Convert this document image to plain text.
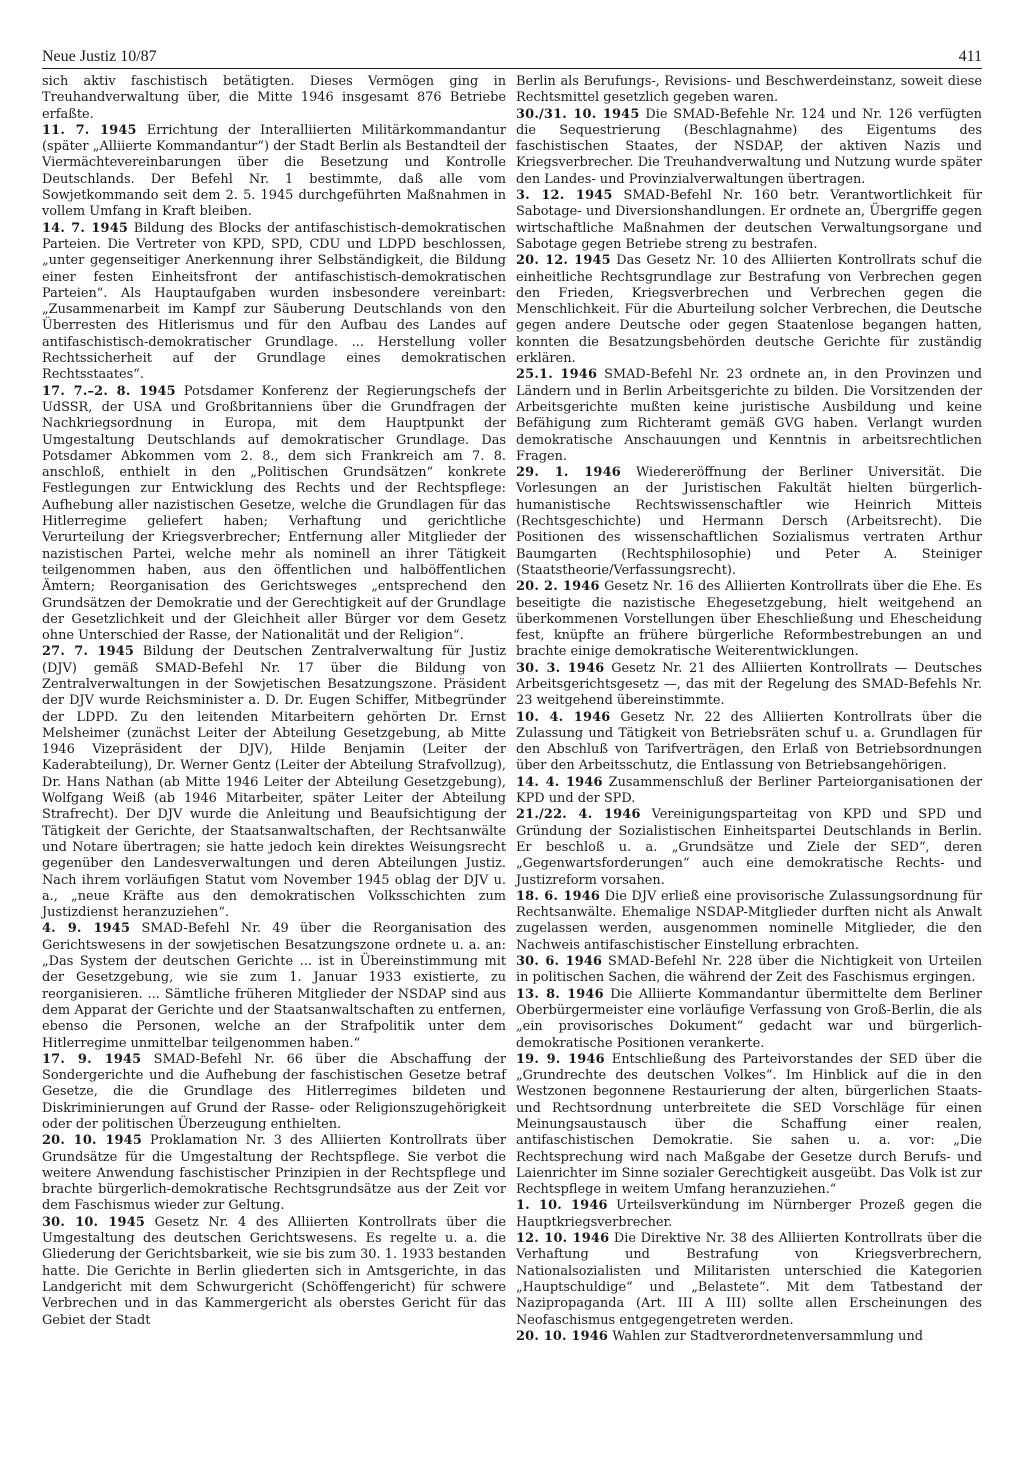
Neue Justiz 10/87	411

sich aktiv faschistisch betätigten. Dieses Vermögen ging in Treuhandverwaltung über, die Mitte 1946 insgesamt 876 Betriebe erfaßte.

11. 7. 1945 Errichtung der Interalliierten Militärkommandantur (später „Alliierte Kommandantur“) der Stadt Berlin als Bestandteil der Viermächtevereinbarungen über die Besetzung und Kontrolle Deutschlands. Der Befehl Nr. 1 bestimmte, daß alle vom Sowjetkommando seit dem 2. 5. 1945 durchgeführten Maßnahmen in vollem Umfang in Kraft bleiben.

14. 7. 1945 Bildung des Blocks der antifaschistisch-demokratischen Parteien. Die Vertreter von KPD, SPD, CDU und LDPD beschlossen, „unter gegenseitiger Anerkennung ihrer Selbständigkeit, die Bildung einer festen Einheitsfront der antifaschistisch-demokratischen Parteien“. Als Hauptaufgaben wurden insbesondere vereinbart: „Zusammenarbeit im Kampf zur Säuberung Deutschlands von den Überresten des Hitlerismus und für den Aufbau des Landes auf antifaschistisch-demokratischer Grundlage. ... Herstellung voller Rechtssicherheit auf der Grundlage eines demokratischen Rechtsstaates“.

17. 7.–2. 8. 1945 Potsdamer Konferenz der Regierungschefs der UdSSR, der USA und Großbritanniens über die Grundfragen der Nachkriegsordnung in Europa, mit dem Hauptpunkt der Umgestaltung Deutschlands auf demokratischer Grundlage. Das Potsdamer Abkommen vom 2. 8., dem sich Frankreich am 7. 8. anschloß, enthielt in den „Politischen Grundsätzen“ konkrete Festlegungen zur Entwicklung des Rechts und der Rechtspflege: Aufhebung aller nazistischen Gesetze, welche die Grundlagen für das Hitlerregime geliefert haben; Verhaftung und gerichtliche Verurteilung der Kriegsverbrecher; Entfernung aller Mitglieder der nazistischen Partei, welche mehr als nominell an ihrer Tätigkeit teilgenommen haben, aus den öffentlichen und halböffentlichen Ämtern; Reorganisation des Gerichtsweges „entsprechend den Grundsätzen der Demokratie und der Gerechtigkeit auf der Grundlage der Gesetzlichkeit und der Gleichheit aller Bürger vor dem Gesetz ohne Unterschied der Rasse, der Nationalität und der Religion“.

27. 7. 1945 Bildung der Deutschen Zentralverwaltung für Justiz (DJV) gemäß SMAD-Befehl Nr. 17 über die Bildung von Zentralverwaltungen in der Sowjetischen Besatzungszone. Präsident der DJV wurde Reichsminister a. D. Dr. Eugen Schiffer, Mitbegründer der LDPD. Zu den leitenden Mitarbeitern gehörten Dr. Ernst Melsheimer (zunächst Leiter der Abteilung Gesetzgebung, ab Mitte 1946 Vizepräsident der DJV), Hilde Benjamin (Leiter der Kaderabteilung), Dr. Werner Gentz (Leiter der Abteilung Strafvollzug), Dr. Hans Nathan (ab Mitte 1946 Leiter der Abteilung Gesetzgebung), Wolfgang Weiß (ab 1946 Mitarbeiter, später Leiter der Abteilung Strafrecht). Der DJV wurde die Anleitung und Beaufsichtigung der Tätigkeit der Gerichte, der Staatsanwaltschaften, der Rechtsanwälte und Notare übertragen; sie hatte jedoch kein direktes Weisungsrecht gegenüber den Landesverwaltungen und deren Abteilungen Justiz. Nach ihrem vorläufigen Statut vom November 1945 oblag der DJV u. a., „neue Kräfte aus den demokratischen Volksschichten zum Justizdienst heranzuziehen“.

4. 9. 1945 SMAD-Befehl Nr. 49 über die Reorganisation des Gerichtswesens in der sowjetischen Besatzungszone ordnete u. a. an: „Das System der deutschen Gerichte ... ist in Übereinstimmung mit der Gesetzgebung, wie sie zum 1. Januar 1933 existierte, zu reorganisieren. ... Sämtliche früheren Mitglieder der NSDAP sind aus dem Apparat der Gerichte und der Staatsanwaltschaften zu entfernen, ebenso die Personen, welche an der Strafpolitik unter dem Hitlerregime unmittelbar teilgenommen haben.“

17. 9. 1945 SMAD-Befehl Nr. 66 über die Abschaffung der Sondergerichte und die Aufhebung der faschistischen Gesetze betraf Gesetze, die die Grundlage des Hitlerregimes bildeten und Diskriminierungen auf Grund der Rasse- oder Religionszugehörigkeit oder der politischen Überzeugung enthielten.

20. 10. 1945 Proklamation Nr. 3 des Alliierten Kontrollrats über Grundsätze für die Umgestaltung der Rechtspflege. Sie verbot die weitere Anwendung faschistischer Prinzipien in der Rechtspflege und brachte bürgerlich-demokratische Rechtsgrundsätze aus der Zeit vor dem Faschismus wieder zur Geltung.

30. 10. 1945 Gesetz Nr. 4 des Alliierten Kontrollrats über die Umgestaltung des deutschen Gerichtswesens. Es regelte u. a. die Gliederung der Gerichtsbarkeit, wie sie bis zum 30. 1. 1933 bestanden hatte. Die Gerichte in Berlin gliederten sich in Amtsgerichte, in das Landgericht mit dem Schwurgericht (Schöffengericht) für schwere Verbrechen und in das Kammergericht als oberstes Gericht für das Gebiet der Stadt

Berlin als Berufungs-, Revisions- und Beschwerdeinstanz, soweit diese Rechtsmittel gesetzlich gegeben waren.

30./31. 10. 1945 Die SMAD-Befehle Nr. 124 und Nr. 126 verfügten die Sequestrierung (Beschlagnahme) des Eigentums des faschistischen Staates, der NSDAP, der aktiven Nazis und Kriegsverbrecher. Die Treuhandverwaltung und Nutzung wurde später den Landes- und Provinzialverwaltungen übertragen.

3. 12. 1945 SMAD-Befehl Nr. 160 betr. Verantwortlichkeit für Sabotage- und Diversionshandlungen. Er ordnete an, Übergriffe gegen wirtschaftliche Maßnahmen der deutschen Verwaltungsorgane und Sabotage gegen Betriebe streng zu bestrafen.

20. 12. 1945 Das Gesetz Nr. 10 des Alliierten Kontrollrats schuf die einheitliche Rechtsgrundlage zur Bestrafung von Verbrechen gegen den Frieden, Kriegsverbrechen und Verbrechen gegen die Menschlichkeit. Für die Aburteilung solcher Verbrechen, die Deutsche gegen andere Deutsche oder gegen Staatenlose begangen hatten, konnten die Besatzungsbehörden deutsche Gerichte für zuständig erklären.

25.1. 1946 SMAD-Befehl Nr. 23 ordnete an, in den Provinzen und Ländern und in Berlin Arbeitsgerichte zu bilden. Die Vorsitzenden der Arbeitsgerichte mußten keine juristische Ausbildung und keine Befähigung zum Richteramt gemäß GVG haben. Verlangt wurden demokratische Anschauungen und Kenntnis in arbeitsrechtlichen Fragen.

29. 1. 1946 Wiedereröffnung der Berliner Universität. Die Vorlesungen an der Juristischen Fakultät hielten bürgerlich-humanistische Rechtswissenschaftler wie Heinrich Mitteis (Rechtsgeschichte) und Hermann Dersch (Arbeitsrecht). Die Positionen des wissenschaftlichen Sozialismus vertraten Arthur Baumgarten (Rechtsphilosophie) und Peter A. Steiniger (Staatstheorie/Verfassungsrecht).

20. 2. 1946 Gesetz Nr. 16 des Alliierten Kontrollrats über die Ehe. Es beseitigte die nazistische Ehegesetzgebung, hielt weitgehend an überkommenen Vorstellungen über Eheschließung und Ehescheidung fest, knüpfte an frühere bürgerliche Reformbestrebungen an und brachte einige demokratische Weiterentwicklungen.

30. 3. 1946 Gesetz Nr. 21 des Alliierten Kontrollrats — Deutsches Arbeitsgerichtsgesetz —, das mit der Regelung des SMAD-Befehls Nr. 23 weitgehend übereinstimmte.

10. 4. 1946 Gesetz Nr. 22 des Alliierten Kontrollrats über die Zulassung und Tätigkeit von Betriebsräten schuf u. a. Grundlagen für den Abschluß von Tarifverträgen, den Erlaß von Betriebsordnungen über den Arbeitsschutz, die Entlassung von Betriebsangehörigen.

14. 4. 1946 Zusammenschluß der Berliner Parteiorganisationen der KPD und der SPD.

21./22. 4. 1946 Vereinigungsparteitag von KPD und SPD und Gründung der Sozialistischen Einheitspartei Deutschlands in Berlin. Er beschloß u. a. „Grundsätze und Ziele der SED“, deren „Gegenwartsforderungen“ auch eine demokratische Rechts- und Justizreform vorsahen.

18. 6. 1946 Die DJV erließ eine provisorische Zulassungsordnung für Rechtsanwälte. Ehemalige NSDAP-Mitglieder durften nicht als Anwalt zugelassen werden, ausgenommen nominelle Mitglieder, die den Nachweis antifaschistischer Einstellung erbrachten.

30. 6. 1946 SMAD-Befehl Nr. 228 über die Nichtigkeit von Urteilen in politischen Sachen, die während der Zeit des Faschismus ergingen.

13. 8. 1946 Die Alliierte Kommandantur übermittelte dem Berliner Oberbürgermeister eine vorläufige Verfassung von Groß-Berlin, die als „ein provisorisches Dokument“ gedacht war und bürgerlich-demokratische Positionen verankerte.

19. 9. 1946 Entschließung des Parteivorstandes der SED über die „Grundrechte des deutschen Volkes“. Im Hinblick auf die in den Westzonen begonnene Restaurierung der alten, bürgerlichen Staats- und Rechtsordnung unterbreitete die SED Vorschläge für einen Meinungsaustausch über die Schaffung einer realen, antifaschistischen Demokratie. Sie sahen u. a. vor: „Die Rechtsprechung wird nach Maßgabe der Gesetze durch Berufs- und Laienrichter im Sinne sozialer Gerechtigkeit ausgeübt. Das Volk ist zur Rechtspflege in weitem Umfang heranzuziehen.“

1. 10. 1946 Urteilsverkündung im Nürnberger Prozeß gegen die Hauptkriegsverbrecher.

12. 10. 1946 Die Direktive Nr. 38 des Alliierten Kontrollrats über die Verhaftung und Bestrafung von Kriegsverbrechern, Nationalsozialisten und Militaristen unterschied die Kategorien „Hauptschuldige“ und „Belastete“. Mit dem Tatbestand der Nazipropaganda (Art. III A III) sollte allen Erscheinungen des Neofaschismus entgegengetreten werden.

20. 10. 1946 Wahlen zur Stadtverordnetenversammlung und
